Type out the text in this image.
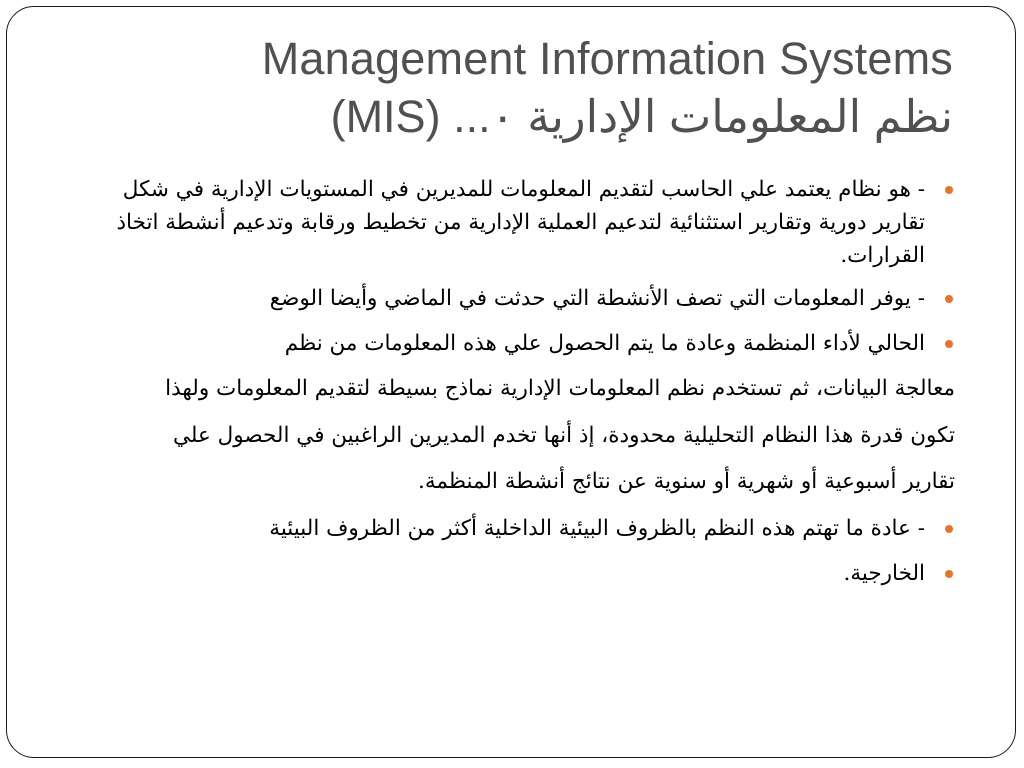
Management Information Systems
نظم المعلومات الإدارية ٠... (MIS)
- هو نظام يعتمد علي الحاسب لتقديم المعلومات للمديرين في المستويات الإدارية في شكل تقارير دورية وتقارير استثنائية لتدعيم العملية الإدارية من تخطيط ورقابة وتدعيم أنشطة اتخاذ القرارات.
- يوفر المعلومات التي تصف الأنشطة التي حدثت في الماضي وأيضا الوضع
الحالي لأداء المنظمة وعادة ما يتم الحصول علي هذه المعلومات من نظم
معالجة البيانات، ثم تستخدم نظم المعلومات الإدارية نماذج بسيطة لتقديم المعلومات ولهذا تكون قدرة هذا النظام التحليلية محدودة، إذ أنها تخدم المديرين الراغبين في الحصول علي تقارير أسبوعية أو شهرية أو سنوية عن نتائج أنشطة المنظمة.
- عادة ما تهتم هذه النظم بالظروف البيئية الداخلية أكثر من الظروف البيئية
الخارجية.
